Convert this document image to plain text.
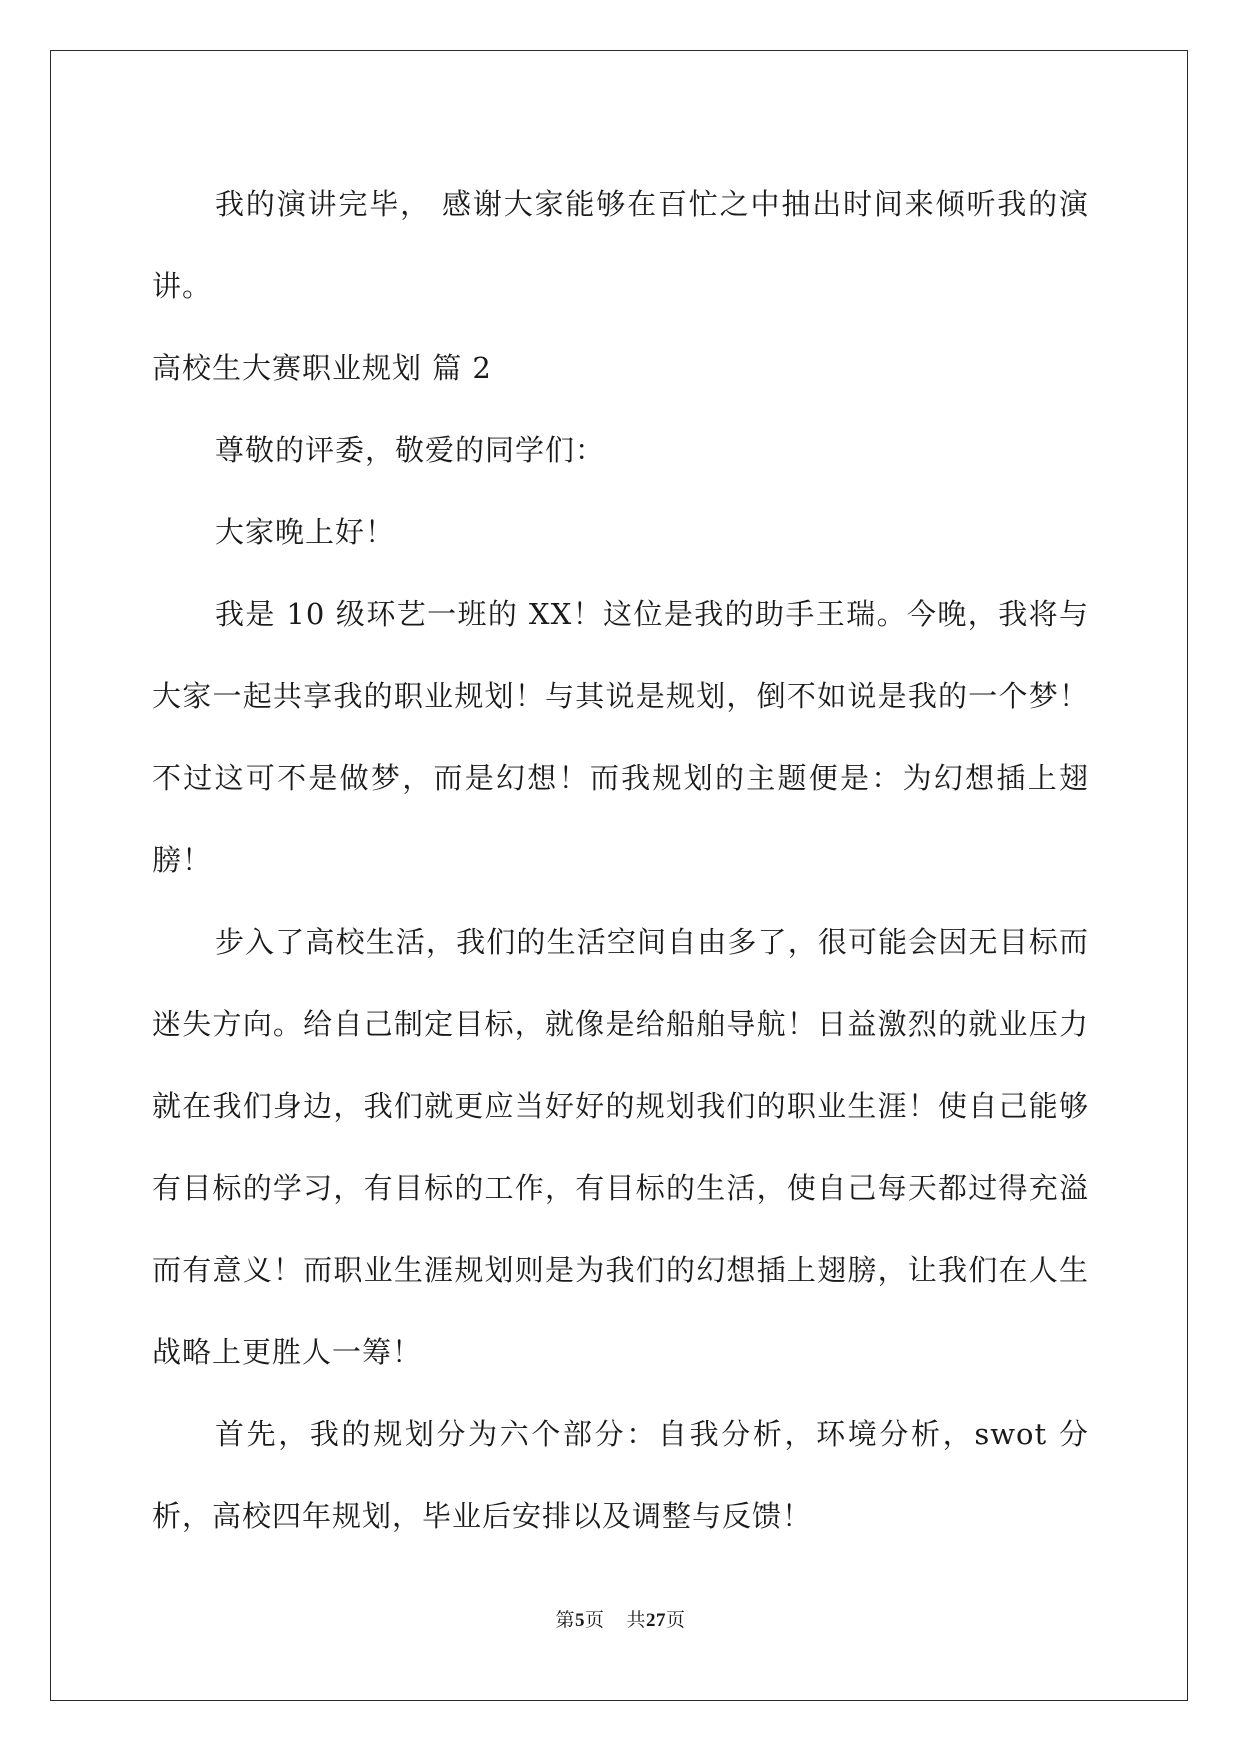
我的演讲完毕， 感谢大家能够在百忙之中抽出时间来倾听我的演讲。

高校生大赛职业规划 篇 2

尊敬的评委，敬爱的同学们：

大家晚上好！

我是 10 级环艺一班的 XX！这位是我的助手王瑞。今晚，我将与大家一起共享我的职业规划！与其说是规划，倒不如说是我的一个梦！不过这可不是做梦，而是幻想！而我规划的主题便是：为幻想插上翅膀！

步入了高校生活，我们的生活空间自由多了，很可能会因无目标而迷失方向。给自己制定目标，就像是给船舶导航！日益激烈的就业压力就在我们身边，我们就更应当好好的规划我们的职业生涯！使自己能够有目标的学习，有目标的工作，有目标的生活，使自己每天都过得充溢而有意义！而职业生涯规划则是为我们的幻想插上翅膀，让我们在人生战略上更胜人一筹！

首先，我的规划分为六个部分：自我分析，环境分析，swot 分析，高校四年规划，毕业后安排以及调整与反馈！

第5页 共27页
